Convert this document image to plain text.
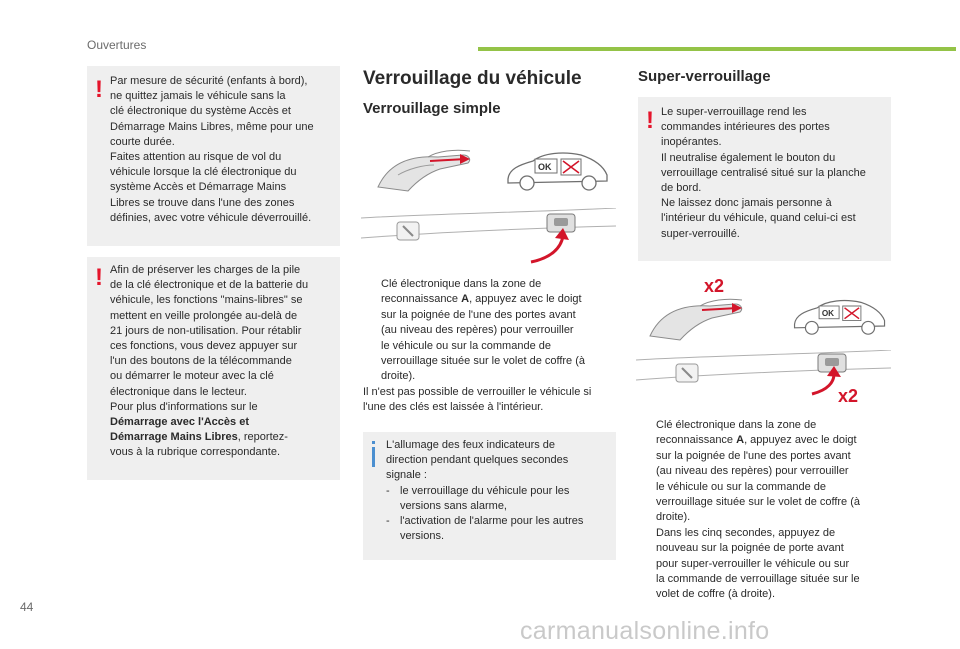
Ouvertures
! Par mesure de sécurité (enfants à bord),
ne quittez jamais le véhicule sans la
clé électronique du système Accès et
Démarrage Mains Libres, même pour une
courte durée.
Faites attention au risque de vol du
véhicule lorsque la clé électronique du
système Accès et Démarrage Mains
Libres se trouve dans l'une des zones
définies, avec votre véhicule déverrouillé.

! Afin de préserver les charges de la pile
de la clé électronique et de la batterie du
véhicule, les fonctions "mains-libres" se
mettent en veille prolongée au-delà de
21 jours de non-utilisation. Pour rétablir
ces fonctions, vous devez appuyer sur
l'un des boutons de la télécommande
ou démarrer le moteur avec la clé
électronique dans le lecteur.
Pour plus d'informations sur le
Démarrage avec l'Accès et
Démarrage Mains Libres, reportez-
vous à la rubrique correspondante.

Verrouillage du véhicule
Verrouillage simple
OK
Clé électronique dans la zone de
reconnaissance A, appuyez avec le doigt
sur la poignée de l'une des portes avant
(au niveau des repères) pour verrouiller
le véhicule ou sur la commande de
verrouillage située sur le volet de coffre (à
droite).

Il n'est pas possible de verrouiller le véhicule si
l'une des clés est laissée à l'intérieur.

L'allumage des feux indicateurs de
direction pendant quelques secondes
signale :

- le verrouillage du véhicule pour les
versions sans alarme,
- l'activation de l'alarme pour les autres
versions.
Super-verrouillage
! Le super-verrouillage rend les
commandes intérieures des portes
inopérantes.
Il neutralise également le bouton du
verrouillage centralisé situé sur la planche
de bord.
Ne laissez donc jamais personne à
l'intérieur du véhicule, quand celui-ci est
super-verrouillé.

x2
OK
x2
Clé électronique dans la zone de
reconnaissance A, appuyez avec le doigt
sur la poignée de l'une des portes avant
(au niveau des repères) pour verrouiller
le véhicule ou sur la commande de
verrouillage située sur le volet de coffre (à
droite).
Dans les cinq secondes, appuyez de
nouveau sur la poignée de porte avant
pour super-verrouiller le véhicule ou sur
la commande de verrouillage située sur le
volet de coffre (à droite).
44
carmanualsonline.info
